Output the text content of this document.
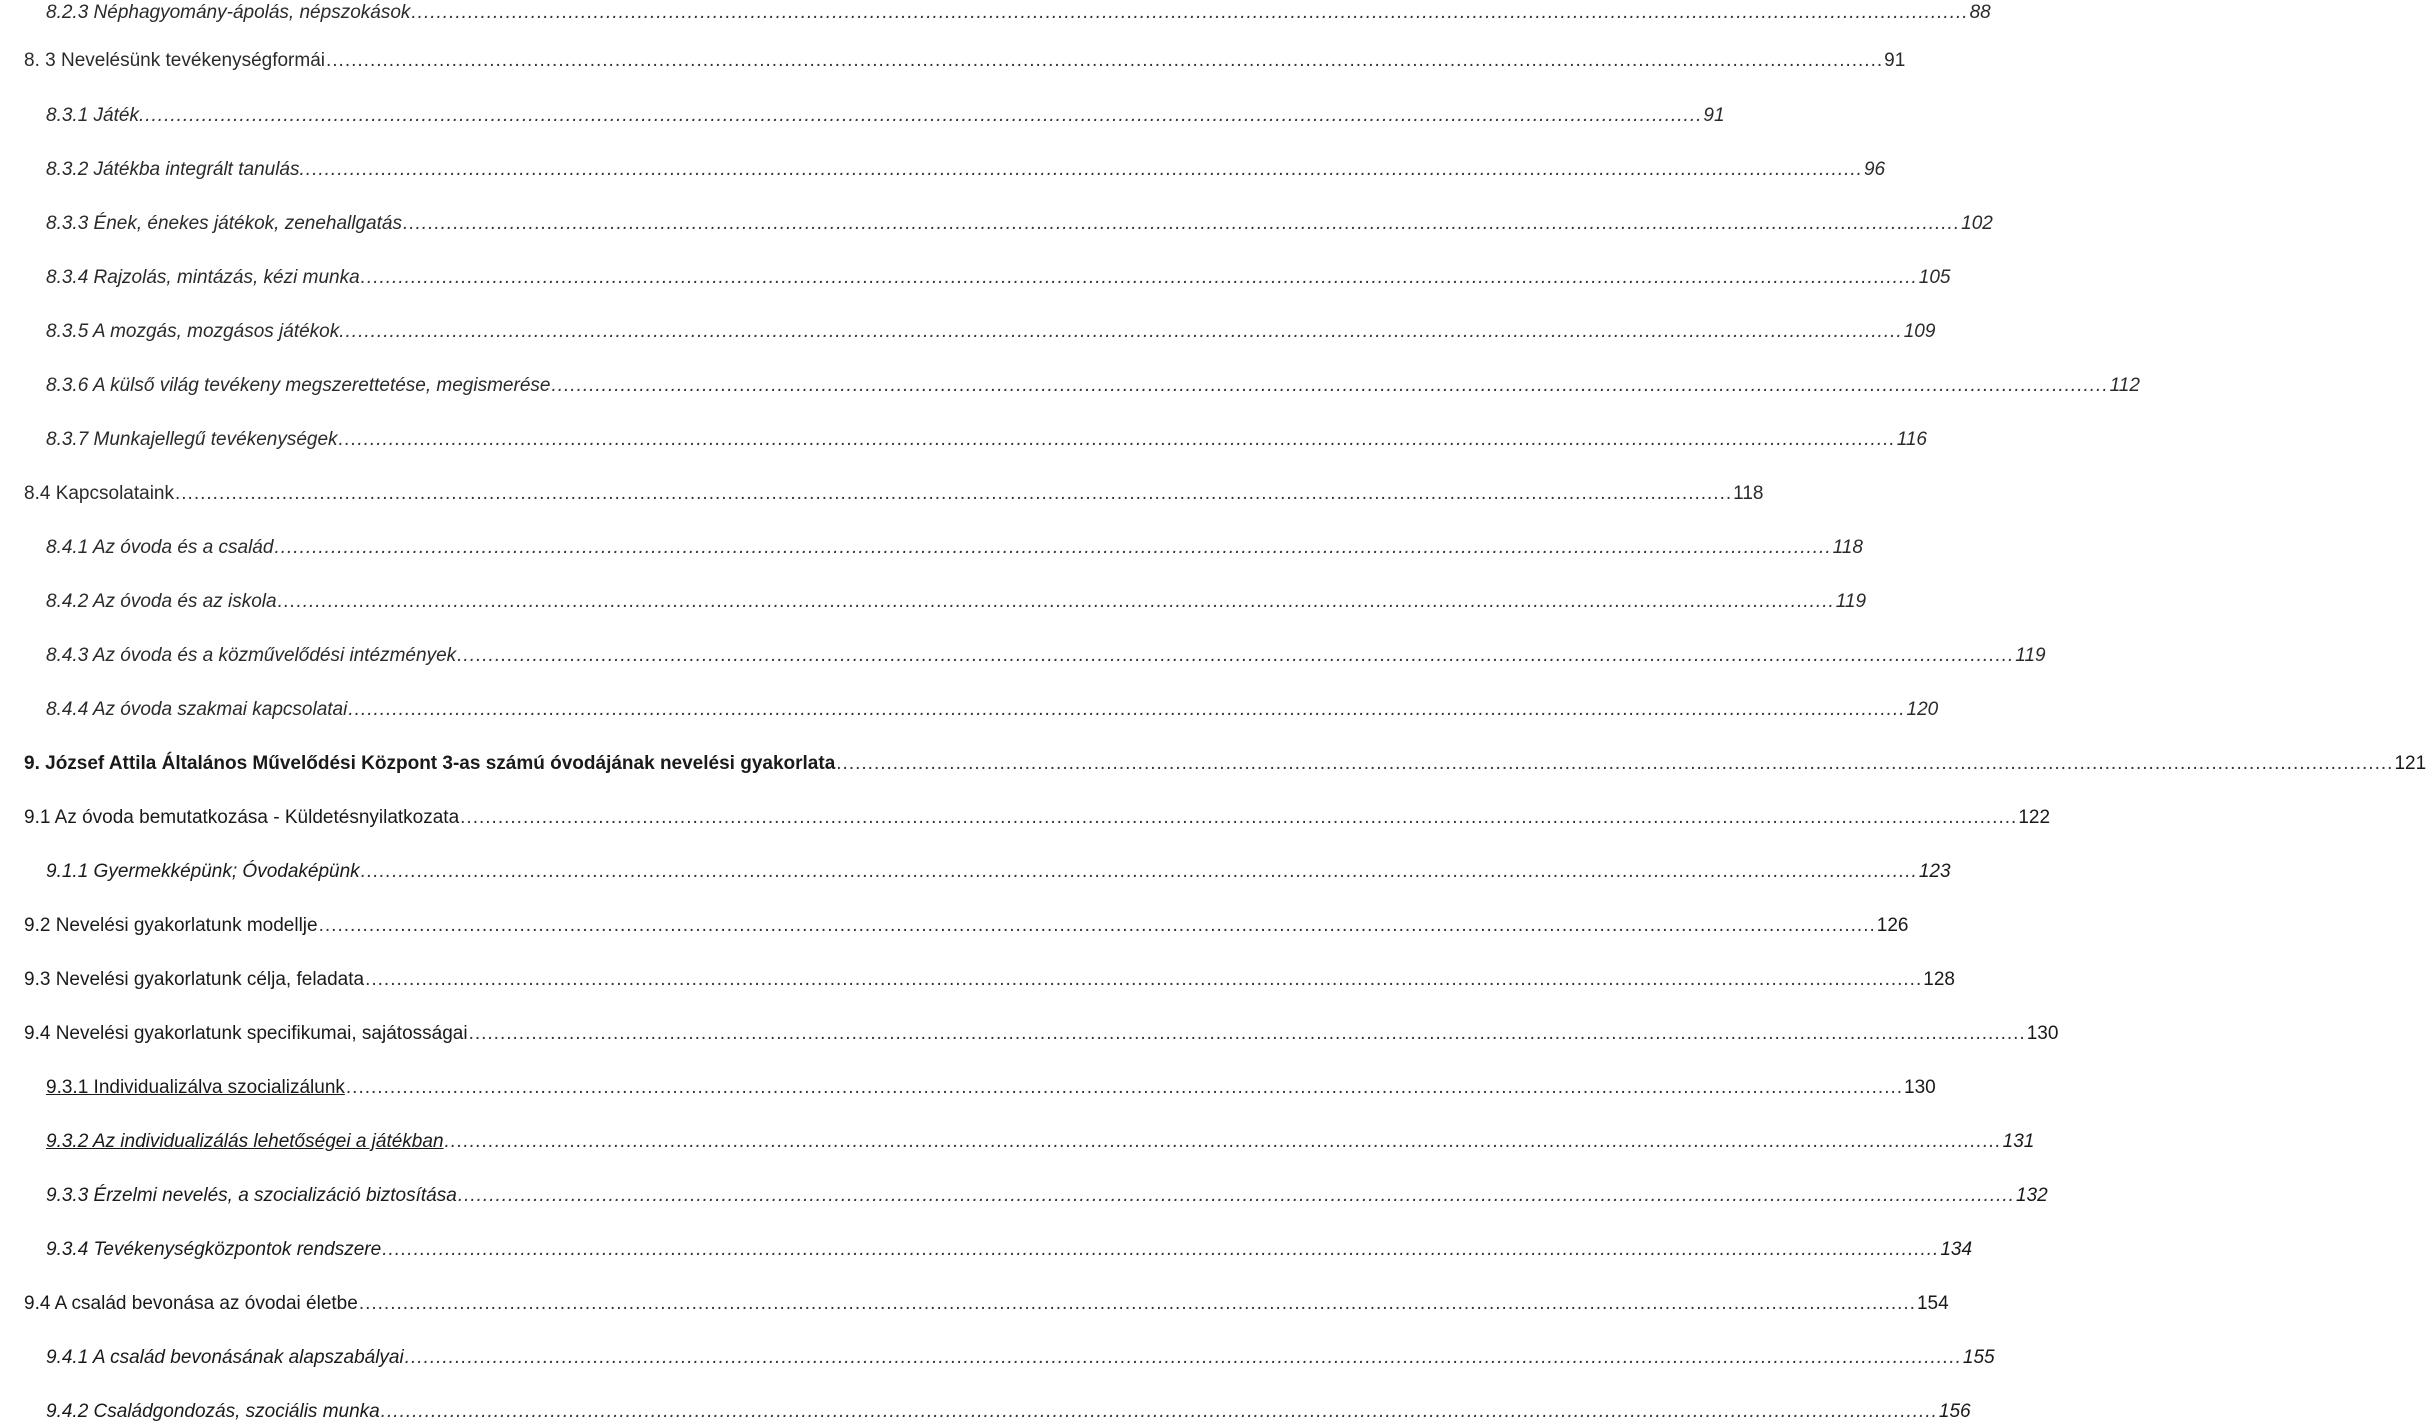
8.2.3 Néphagyomány-ápolás, népszokások .....	88
8. 3 Nevelésünk tevékenységformái .....	91
8.3.1 Játék. .....	91
8.3.2 Játékba integrált tanulás. .....	96
8.3.3 Ének, énekes játékok, zenehallgatás .....	102
8.3.4 Rajzolás, mintázás, kézi munka .....	105
8.3.5 A mozgás, mozgásos játékok. .....	109
8.3.6 A külső világ tevékeny megszerettetése, megismerése .....	112
8.3.7 Munkajellegű tevékenységek .....	116
8.4 Kapcsolataink .....	118
8.4.1 Az óvoda és a család .....	118
8.4.2 Az óvoda és az iskola .....	119
8.4.3 Az óvoda és a közművelődési intézmények .....	119
8.4.4 Az óvoda szakmai kapcsolatai .....	120
9. József Attila Általános Művelődési Központ 3-as számú óvodájának nevelési gyakorlata .....	121
9.1 Az óvoda bemutatkozása - Küldetésnyilatkozata .....	122
9.1.1 Gyermekképünk; Óvodaképünk .....	123
9.2 Nevelési gyakorlatunk modellje .....	126
9.3 Nevelési gyakorlatunk célja, feladata .....	128
9.4 Nevelési gyakorlatunk specifikumai, sajátosságai .....	130
9.3.1 Individualizálva szocializálunk .....	130
9.3.2 Az individualizálás lehetőségei a játékban .....	131
9.3.3 Érzelmi nevelés, a szocializáció biztosítása .....	132
9.3.4 Tevékenységközpontok rendszere .....	134
9.4 A család bevonása az óvodai életbe .....	154
9.4.1 A család bevonásának alapszabályai .....	155
9.4.2 Családgondozás, szociális munka .....	156
